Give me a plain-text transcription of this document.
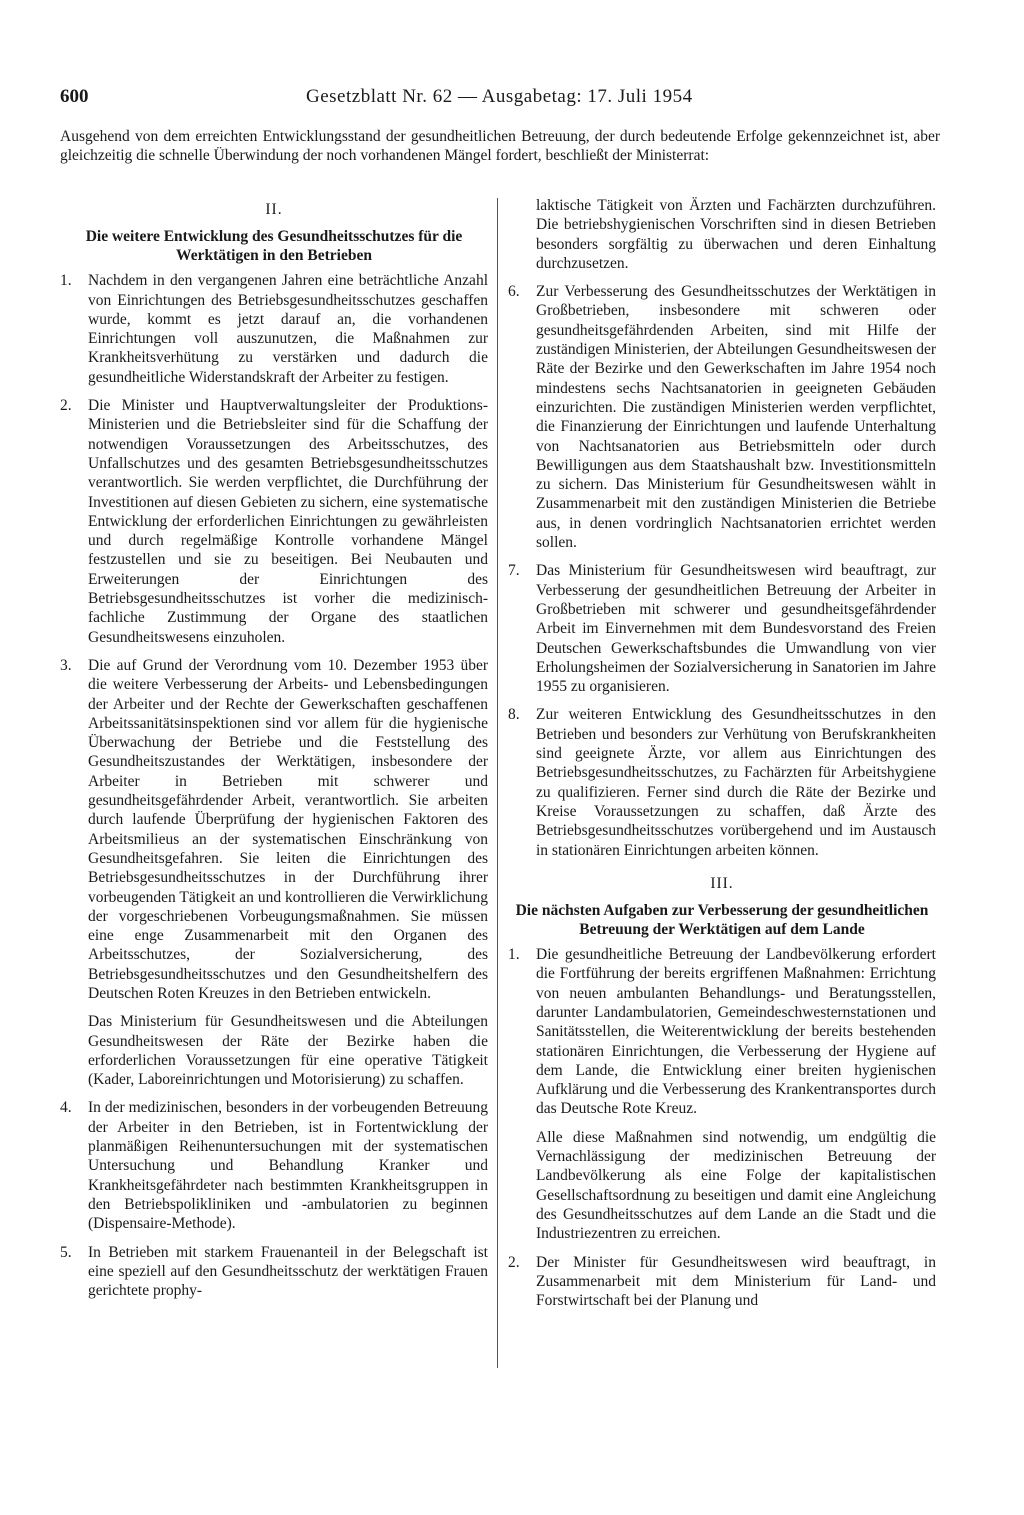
600	Gesetzblatt Nr. 62 — Ausgabetag: 17. Juli 1954

Ausgehend von dem erreichten Entwicklungsstand der gesundheitlichen Betreuung, der durch bedeutende Erfolge gekennzeichnet ist, aber gleichzeitig die schnelle Überwindung der noch vorhandenen Mängel fordert, beschließt der Ministerrat:

II.
Die weitere Entwicklung des Gesundheitsschutzes für die Werktätigen in den Betrieben
1. Nachdem in den vergangenen Jahren eine beträchtliche Anzahl von Einrichtungen des Betriebsgesundheitsschutzes geschaffen wurde, kommt es jetzt darauf an, die vorhandenen Einrichtungen voll auszunutzen, die Maßnahmen zur Krankheitsverhütung zu verstärken und dadurch die gesundheitliche Widerstandskraft der Arbeiter zu festigen.
2. Die Minister und Hauptverwaltungsleiter der Produktions-Ministerien und die Betriebsleiter sind für die Schaffung der notwendigen Voraussetzungen des Arbeitsschutzes, des Unfallschutzes und des gesamten Betriebsgesundheitsschutzes verantwortlich. Sie werden verpflichtet, die Durchführung der Investitionen auf diesen Gebieten zu sichern, eine systematische Entwicklung der erforderlichen Einrichtungen zu gewährleisten und durch regelmäßige Kontrolle vorhandene Mängel festzustellen und sie zu beseitigen. Bei Neubauten und Erweiterungen der Einrichtungen des Betriebsgesundheitsschutzes ist vorher die medizinisch-fachliche Zustimmung der Organe des staatlichen Gesundheitswesens einzuholen.
3. Die auf Grund der Verordnung vom 10. Dezember 1953 über die weitere Verbesserung der Arbeits- und Lebensbedingungen der Arbeiter und der Rechte der Gewerkschaften geschaffenen Arbeitssanitätsinspektionen sind vor allem für die hygienische Überwachung der Betriebe und die Feststellung des Gesundheitszustandes der Werktätigen, insbesondere der Arbeiter in Betrieben mit schwerer und gesundheitsgefährdender Arbeit, verantwortlich. Sie arbeiten durch laufende Überprüfung der hygienischen Faktoren des Arbeitsmilieus an der systematischen Einschränkung von Gesundheitsgefahren. Sie leiten die Einrichtungen des Betriebsgesundheitsschutzes in der Durchführung ihrer vorbeugenden Tätigkeit an und kontrollieren die Verwirklichung der vorgeschriebenen Vorbeugungsmaßnahmen. Sie müssen eine enge Zusammenarbeit mit den Organen des Arbeitsschutzes, der Sozialversicherung, des Betriebsgesundheitsschutzes und den Gesundheitshelfern des Deutschen Roten Kreuzes in den Betrieben entwickeln.
Das Ministerium für Gesundheitswesen und die Abteilungen Gesundheitswesen der Räte der Bezirke haben die erforderlichen Voraussetzungen für eine operative Tätigkeit (Kader, Laboreinrichtungen und Motorisierung) zu schaffen.
4. In der medizinischen, besonders in der vorbeugenden Betreuung der Arbeiter in den Betrieben, ist in Fortentwicklung der planmäßigen Reihenuntersuchungen mit der systematischen Untersuchung und Behandlung Kranker und Krankheitsgefährdeter nach bestimmten Krankheitsgruppen in den Betriebspolikliniken und -ambulatorien zu beginnen (Dispensaire-Methode).
5. In Betrieben mit starkem Frauenanteil in der Belegschaft ist eine speziell auf den Gesundheitsschutz der werktätigen Frauen gerichtete prophy-
laktische Tätigkeit von Ärzten und Fachärzten durchzuführen. Die betriebshygienischen Vorschriften sind in diesen Betrieben besonders sorgfältig zu überwachen und deren Einhaltung durchzusetzen.
6. Zur Verbesserung des Gesundheitsschutzes der Werktätigen in Großbetrieben, insbesondere mit schweren oder gesundheitsgefährdenden Arbeiten, sind mit Hilfe der zuständigen Ministerien, der Abteilungen Gesundheitswesen der Räte der Bezirke und den Gewerkschaften im Jahre 1954 noch mindestens sechs Nachtsanatorien in geeigneten Gebäuden einzurichten. Die zuständigen Ministerien werden verpflichtet, die Finanzierung der Einrichtungen und laufende Unterhaltung von Nachtsanatorien aus Betriebsmitteln oder durch Bewilligungen aus dem Staatshaushalt bzw. Investitionsmitteln zu sichern. Das Ministerium für Gesundheitswesen wählt in Zusammenarbeit mit den zuständigen Ministerien die Betriebe aus, in denen vordringlich Nachtsanatorien errichtet werden sollen.
7. Das Ministerium für Gesundheitswesen wird beauftragt, zur Verbesserung der gesundheitlichen Betreuung der Arbeiter in Großbetrieben mit schwerer und gesundheitsgefährdender Arbeit im Einvernehmen mit dem Bundesvorstand des Freien Deutschen Gewerkschaftsbundes die Umwandlung von vier Erholungsheimen der Sozialversicherung in Sanatorien im Jahre 1955 zu organisieren.
8. Zur weiteren Entwicklung des Gesundheitsschutzes in den Betrieben und besonders zur Verhütung von Berufskrankheiten sind geeignete Ärzte, vor allem aus Einrichtungen des Betriebsgesundheitsschutzes, zu Fachärzten für Arbeitshygiene zu qualifizieren. Ferner sind durch die Räte der Bezirke und Kreise Voraussetzungen zu schaffen, daß Ärzte des Betriebsgesundheitsschutzes vorübergehend und im Austausch in stationären Einrichtungen arbeiten können.
III.
Die nächsten Aufgaben zur Verbesserung der gesundheitlichen Betreuung der Werktätigen auf dem Lande
1. Die gesundheitliche Betreuung der Landbevölkerung erfordert die Fortführung der bereits ergriffenen Maßnahmen: Errichtung von neuen ambulanten Behandlungs- und Beratungsstellen, darunter Landambulatorien, Gemeindeschwesternstationen und Sanitätsstellen, die Weiterentwicklung der bereits bestehenden stationären Einrichtungen, die Verbesserung der Hygiene auf dem Lande, die Entwicklung einer breiten hygienischen Aufklärung und die Verbesserung des Krankentransportes durch das Deutsche Rote Kreuz.
Alle diese Maßnahmen sind notwendig, um endgültig die Vernachlässigung der medizinischen Betreuung der Landbevölkerung als eine Folge der kapitalistischen Gesellschaftsordnung zu beseitigen und damit eine Angleichung des Gesundheitsschutzes auf dem Lande an die Stadt und die Industriezentren zu erreichen.
2. Der Minister für Gesundheitswesen wird beauftragt, in Zusammenarbeit mit dem Ministerium für Land- und Forstwirtschaft bei der Planung und
